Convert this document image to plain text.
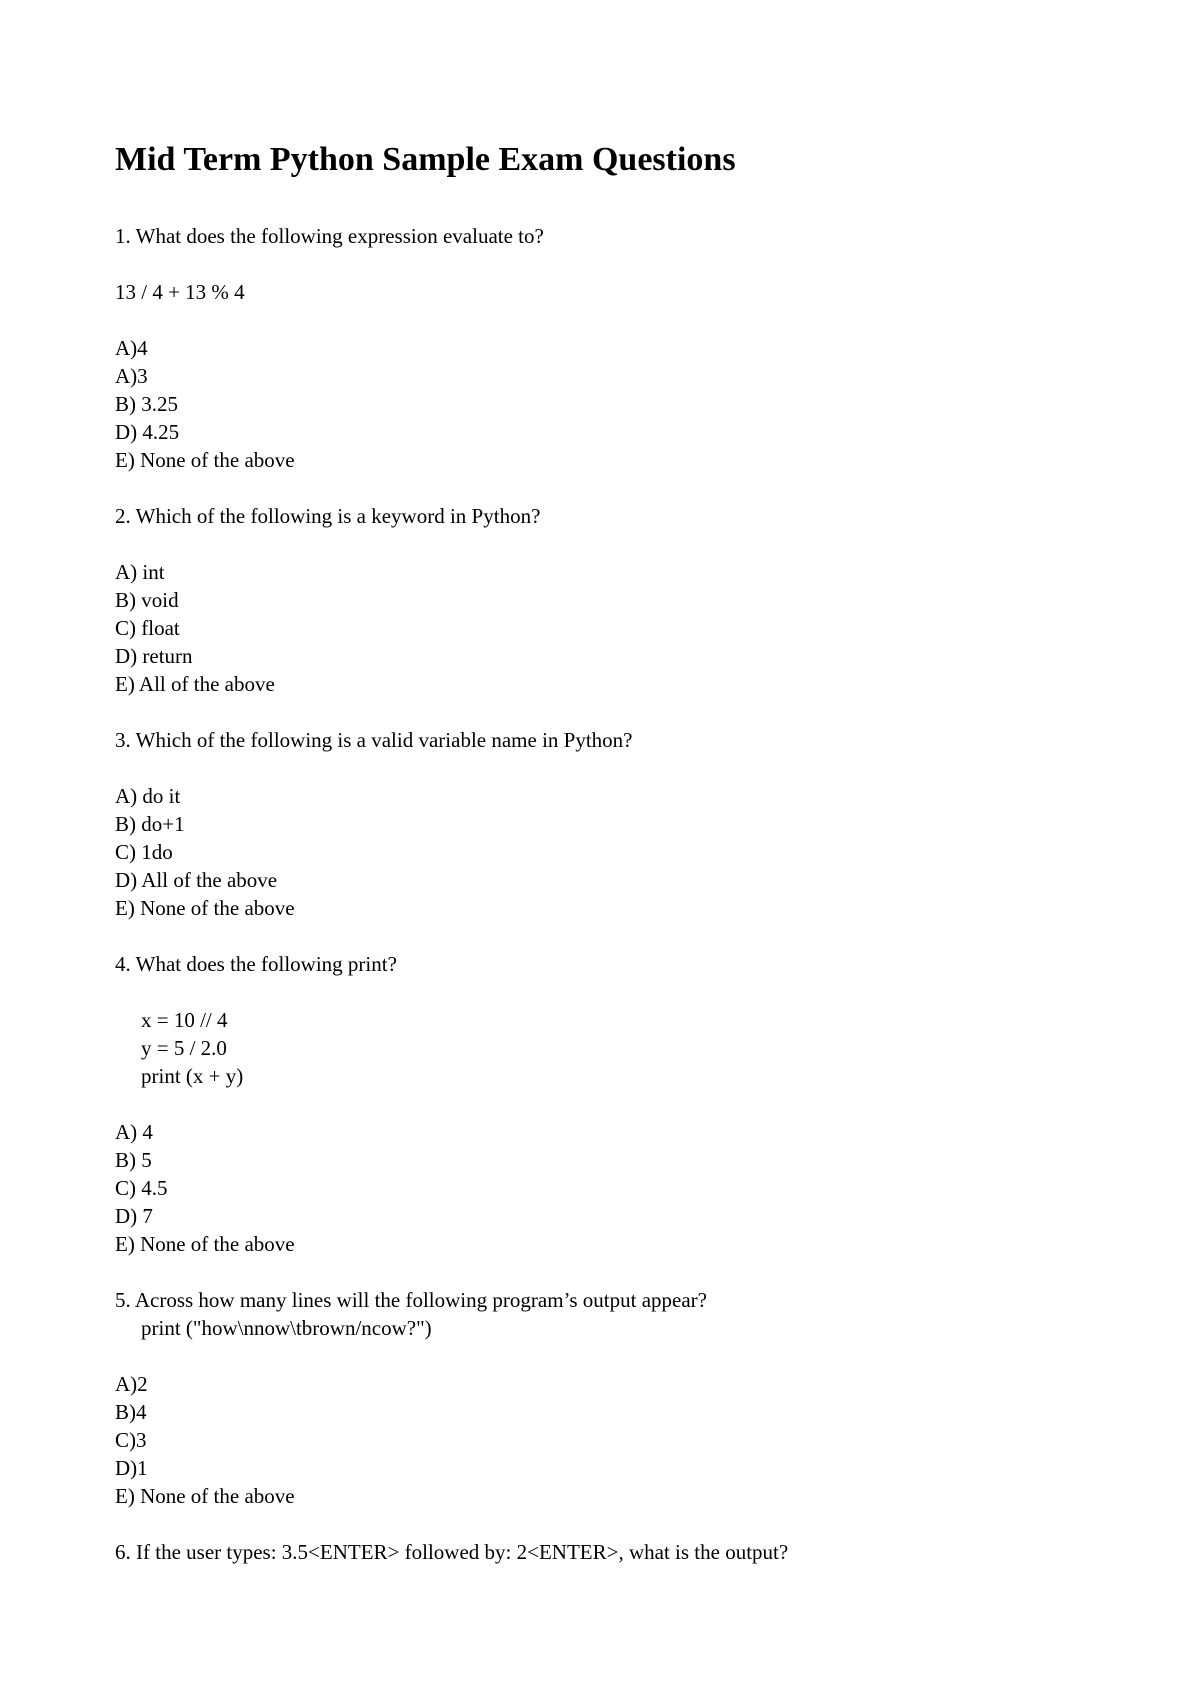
Mid Term Python Sample Exam Questions
1. What does the following expression evaluate to?
13 / 4 + 13 % 4
A)4
A)3
B) 3.25
D) 4.25
E) None of the above
2. Which of the following is a keyword in Python?
A) int
B) void
C) float
D) return
E) All of the above
3. Which of the following is a valid variable name in Python?
A) do it
B) do+1
C) 1do
D) All of the above
E) None of the above
4. What does the following print?
x = 10 // 4
y = 5 / 2.0
print (x + y)
A) 4
B) 5
C) 4.5
D) 7
E) None of the above
5. Across how many lines will the following program’s output appear?
print ("how\nnow\tbrown/ncow?")
A)2
B)4
C)3
D)1
E) None of the above
6. If the user types: 3.5<ENTER> followed by: 2<ENTER>, what is the output?
